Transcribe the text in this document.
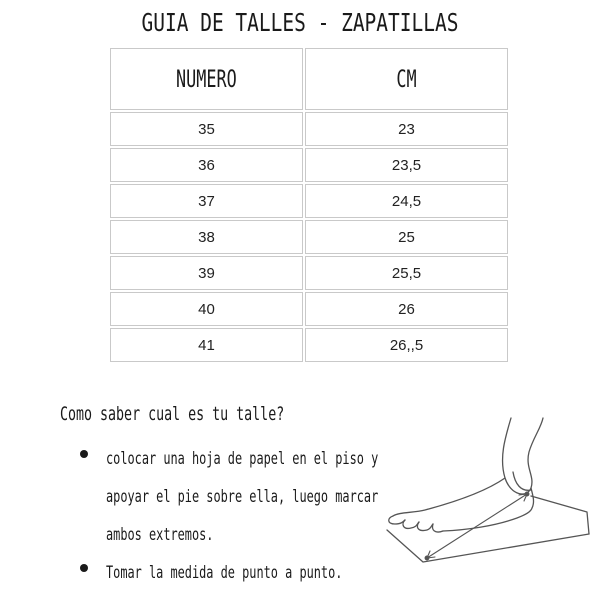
GUIA DE TALLES - ZAPATILLAS
NUMERO	CM
35	23
36	23,5
37	24,5
38	25
39	25,5
40	26
41	26,,5
Como saber cual es tu talle?
colocar una hoja de papel en el piso y
apoyar el pie sobre ella, luego marcar
ambos extremos.
Tomar la medida de punto a punto.
